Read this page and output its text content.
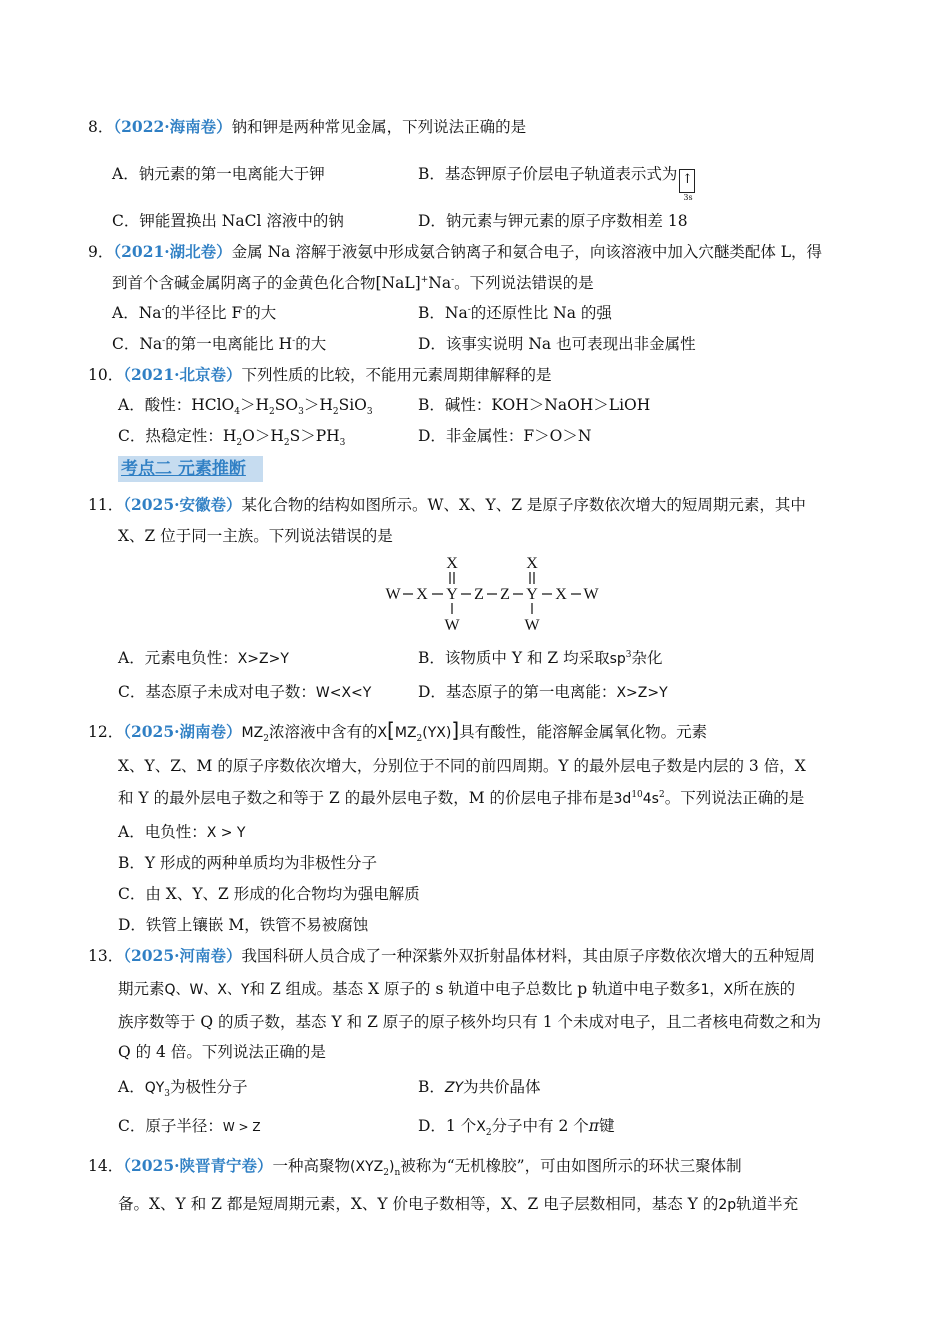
8．（2022·海南卷）钠和钾是两种常见金属，下列说法正确的是
A．钠元素的第一电离能大于钾	B．基态钾原子价层电子轨道表示式为 ↑
3s
C．钾能置换出 NaCl 溶液中的钠	D．钠元素与钾元素的原子序数相差 18
9．（2021·湖北卷）金属 Na 溶解于液氨中形成氨合钠离子和氨合电子，向该溶液中加入穴醚类配体 L，得
到首个含碱金属阴离子的金黄色化合物[NaL]+Na-。下列说法错误的是
A．Na-的半径比 F-的大	B．Na-的还原性比 Na 的强
C．Na-的第一电离能比 H-的大	D．该事实说明 Na 也可表现出非金属性
10．（2021·北京卷）下列性质的比较，不能用元素周期律解释的是
A．酸性：$HClO_4>H_2SO_3>H_2SiO_3$	B．碱性：KOH＞NaOH＞LiOH
C．热稳定性：$H_2O>H_2S>PH_3$	D．非金属性：F＞O＞N
考点二 元素推断
11．（2025·安徽卷）某化合物的结构如图所示。W、X、Y、Z 是原子序数依次增大的短周期元素，其中
X、Z 位于同一主族。下列说法错误的是
X	X
W X Y Z Z Y X W
W	W
A．元素电负性：X>Z>Y	B．该物质中 Y 和 Z 均采取$sp^3$杂化
C．基态原子未成对电子数：W<X<Y	D．基态原子的第一电离能：X>Z>Y
12．（2025·湖南卷）$MZ_2$浓溶液中含有的$X[MZ_2(YX)]$具有酸性，能溶解金属氧化物。元素
X、Y、Z、M 的原子序数依次增大，分别位于不同的前四周期。Y 的最外层电子数是内层的 3 倍，X
和 Y 的最外层电子数之和等于 Z 的最外层电子数，M 的价层电子排布是$3d^{10}4s^2$。下列说法正确的是
A．电负性：X > Y
B．Y 形成的两种单质均为非极性分子
C．由 X、Y、Z 形成的化合物均为强电解质
D．铁管上镶嵌 M，铁管不易被腐蚀
13．（2025·河南卷）我国科研人员合成了一种深紫外双折射晶体材料，其由原子序数依次增大的五种短周
期元素Q、W、X、Y和 Z 组成。基态 X 原子的 s 轨道中电子总数比 p 轨道中电子数多1，X所在族的
族序数等于 Q 的质子数，基态 Y 和 Z 原子的原子核外均只有 1 个未成对电子，且二者核电荷数之和为
Q 的 4 倍。下列说法正确的是
A．$QY_3$为极性分子	B．ZY为共价晶体
C．原子半径：W > Z	D．1 个$X_2$分子中有 2 个π键
14．（2025·陕晋青宁卷）一种高聚物$(XYZ_2)_n$被称为“无机橡胶”，可由如图所示的环状三聚体制
备。X、Y 和 Z 都是短周期元素，X、Y 价电子数相等，X、Z 电子层数相同，基态 Y 的2p轨道半充
